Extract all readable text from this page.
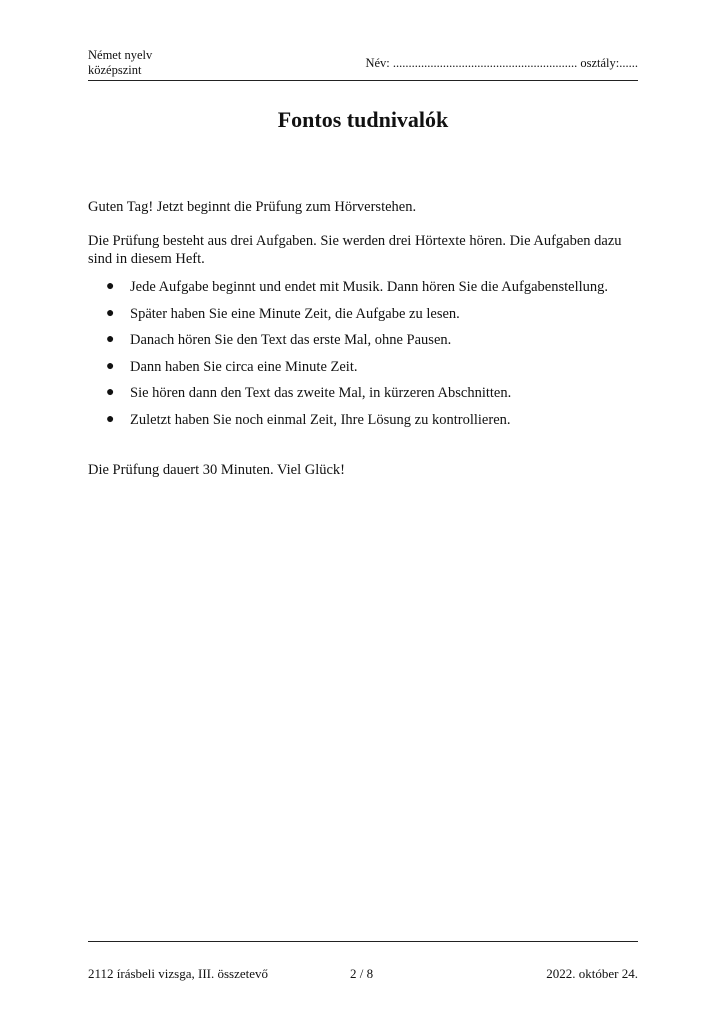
Német nyelv
középszint	Név: ........................................................... osztály:......
Fontos tudnivalók

Guten Tag! Jetzt beginnt die Prüfung zum Hörverstehen.

Die Prüfung besteht aus drei Aufgaben. Sie werden drei Hörtexte hören. Die Aufgaben dazu sind in diesem Heft.

● Jede Aufgabe beginnt und endet mit Musik. Dann hören Sie die Aufgabenstellung.
● Später haben Sie eine Minute Zeit, die Aufgabe zu lesen.
● Danach hören Sie den Text das erste Mal, ohne Pausen.
● Dann haben Sie circa eine Minute Zeit.
● Sie hören dann den Text das zweite Mal, in kürzeren Abschnitten.
● Zuletzt haben Sie noch einmal Zeit, Ihre Lösung zu kontrollieren.

Die Prüfung dauert 30 Minuten. Viel Glück!

2112 írásbeli vizsga, III. összetevő	2 / 8	2022. október 24.
